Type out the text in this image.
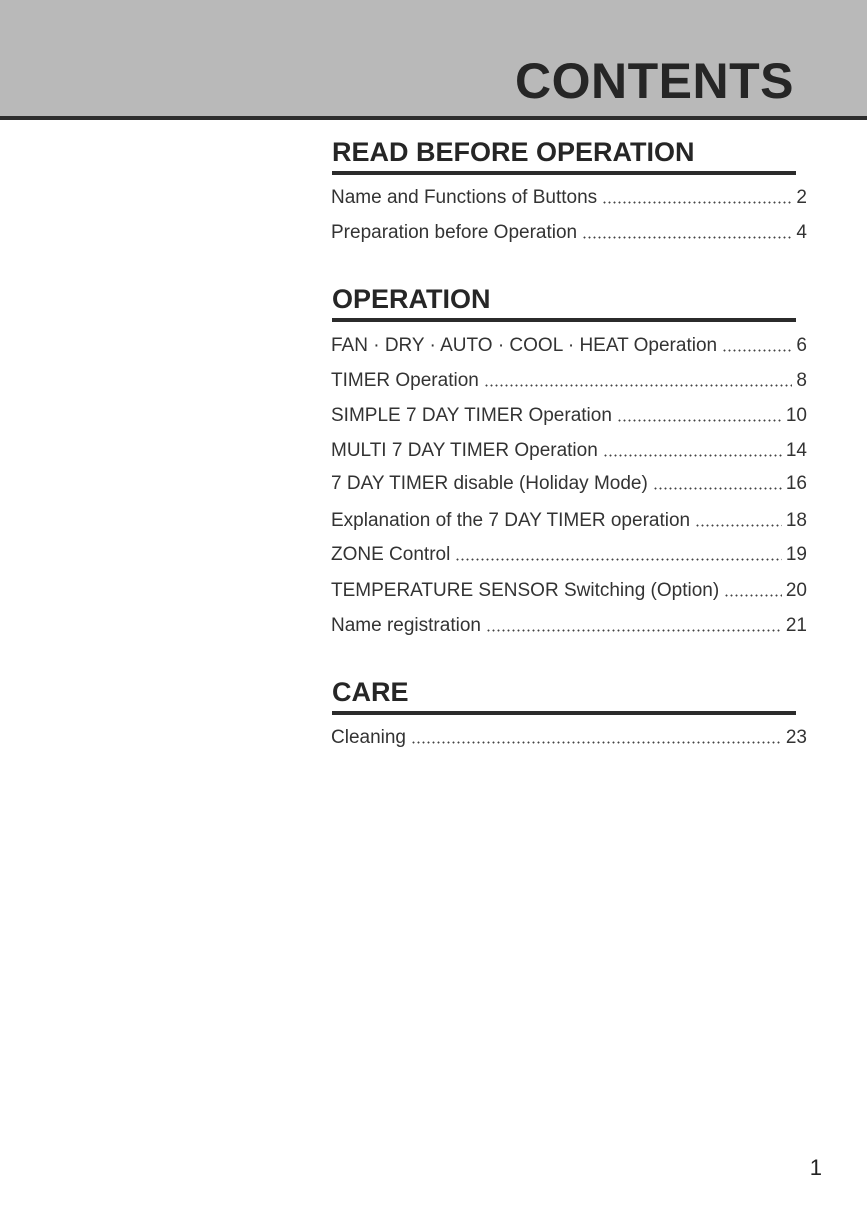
CONTENTS
READ BEFORE OPERATION
Name and Functions of Buttons	2
Preparation before Operation	4
OPERATION
FAN · DRY · AUTO · COOL · HEAT Operation	6
TIMER Operation	8
SIMPLE 7 DAY TIMER Operation	10
MULTI 7 DAY TIMER Operation	14
7 DAY TIMER disable (Holiday Mode)	16
Explanation of the 7 DAY TIMER operation	18
ZONE Control	19
TEMPERATURE SENSOR Switching (Option)	20
Name registration	21
CARE
Cleaning	23

1
